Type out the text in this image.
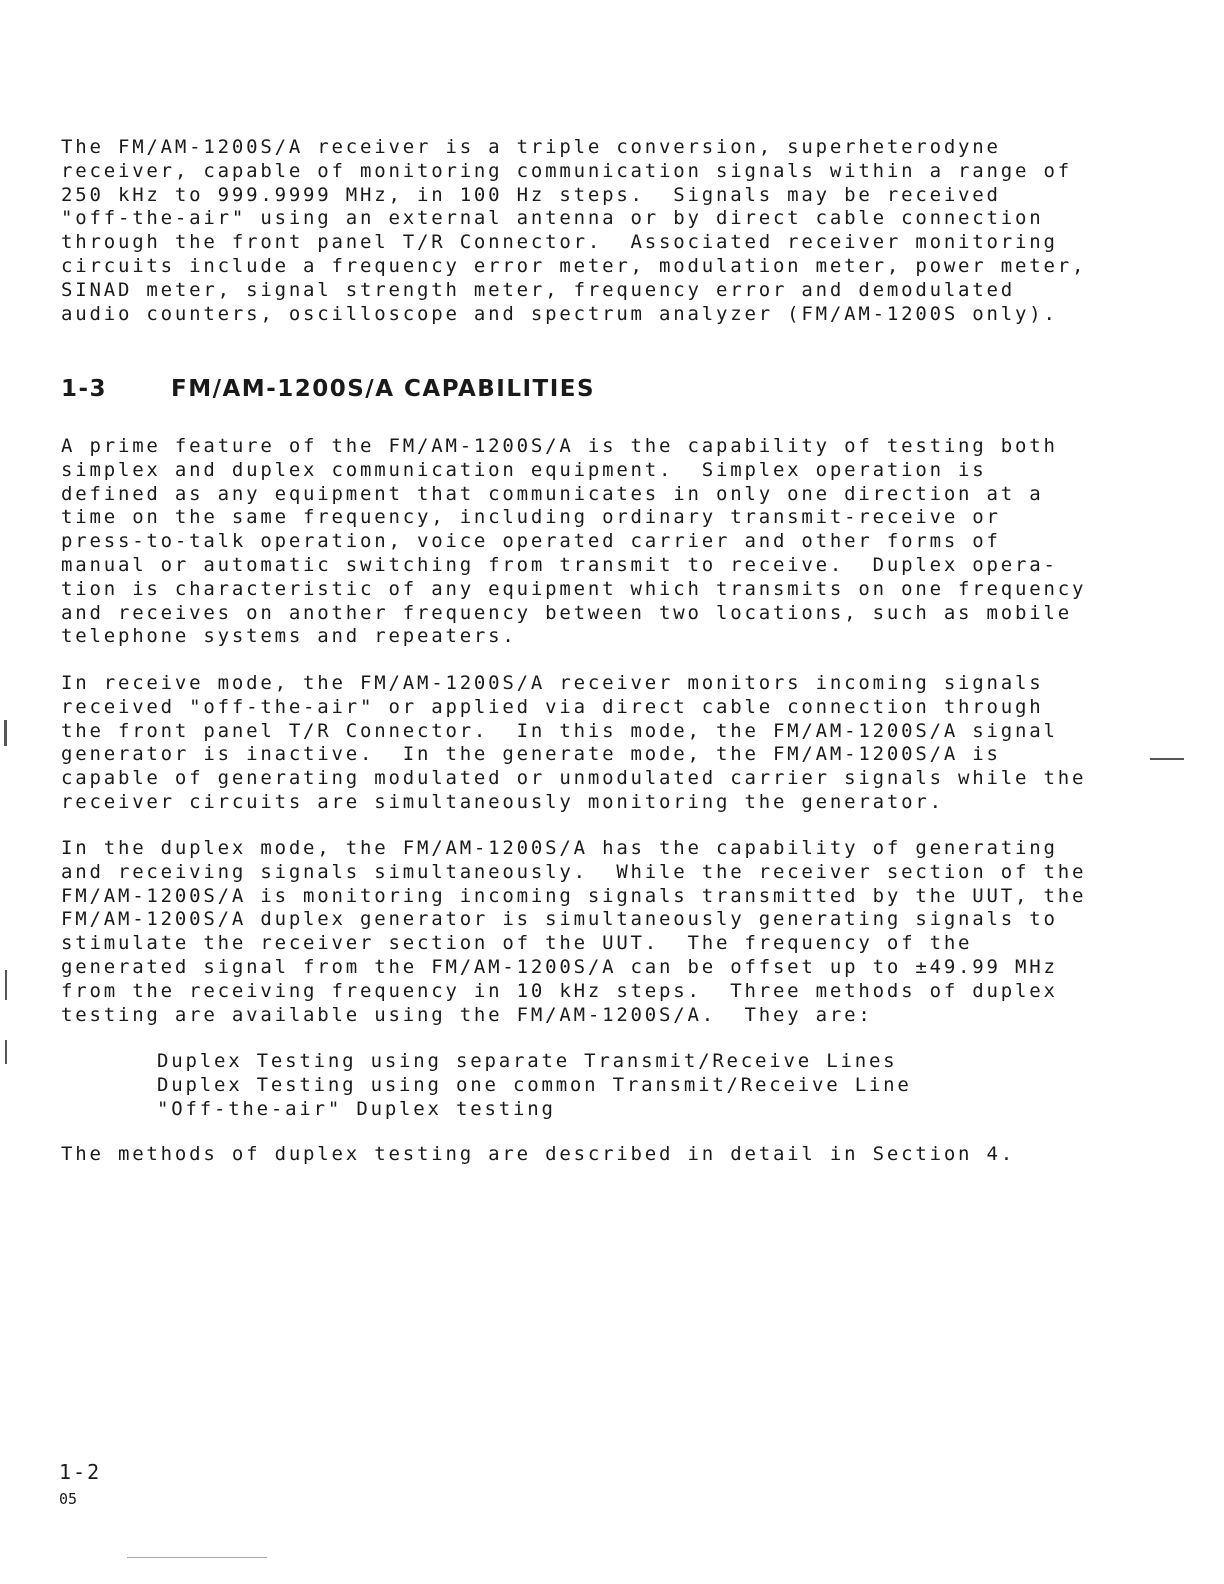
The FM/AM-1200S/A receiver is a triple conversion, superheterodyne
receiver, capable of monitoring communication signals within a range of
250 kHz to 999.9999 MHz, in 100 Hz steps.  Signals may be received
"off-the-air" using an external antenna or by direct cable connection
through the front panel T/R Connector.  Associated receiver monitoring
circuits include a frequency error meter, modulation meter, power meter,
SINAD meter, signal strength meter, frequency error and demodulated
audio counters, oscilloscope and spectrum analyzer (FM/AM-1200S only).

1-3	FM/AM-1200S/A CAPABILITIES

A prime feature of the FM/AM-1200S/A is the capability of testing both
simplex and duplex communication equipment.  Simplex operation is
defined as any equipment that communicates in only one direction at a
time on the same frequency, including ordinary transmit-receive or
press-to-talk operation, voice operated carrier and other forms of
manual or automatic switching from transmit to receive.  Duplex opera-
tion is characteristic of any equipment which transmits on one frequency
and receives on another frequency between two locations, such as mobile
telephone systems and repeaters.

In receive mode, the FM/AM-1200S/A receiver monitors incoming signals
received "off-the-air" or applied via direct cable connection through
the front panel T/R Connector.  In this mode, the FM/AM-1200S/A signal
generator is inactive.  In the generate mode, the FM/AM-1200S/A is
capable of generating modulated or unmodulated carrier signals while the
receiver circuits are simultaneously monitoring the generator.

In the duplex mode, the FM/AM-1200S/A has the capability of generating
and receiving signals simultaneously.  While the receiver section of the
FM/AM-1200S/A is monitoring incoming signals transmitted by the UUT, the
FM/AM-1200S/A duplex generator is simultaneously generating signals to
stimulate the receiver section of the UUT.  The frequency of the
generated signal from the FM/AM-1200S/A can be offset up to ±49.99 MHz
from the receiving frequency in 10 kHz steps.  Three methods of duplex
testing are available using the FM/AM-1200S/A.  They are:

Duplex Testing using separate Transmit/Receive Lines
Duplex Testing using one common Transmit/Receive Line
"Off-the-air" Duplex testing

The methods of duplex testing are described in detail in Section 4.

1-2
05
